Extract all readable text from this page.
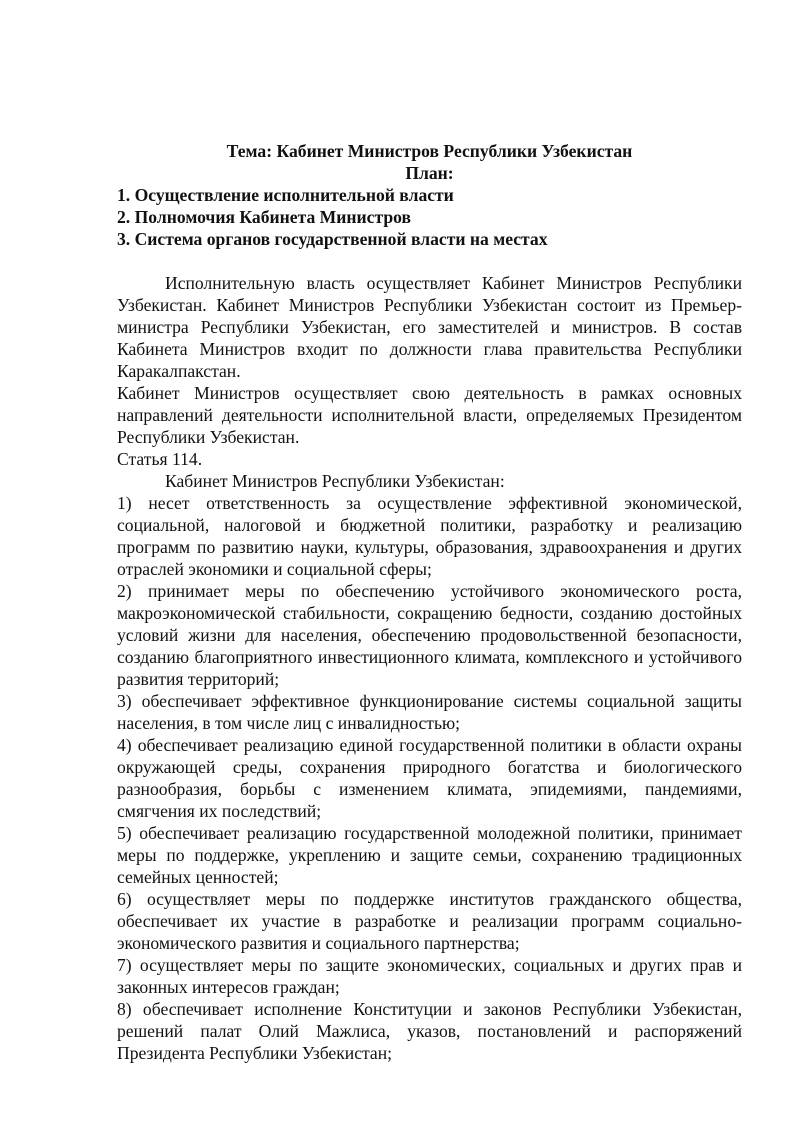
Тема: Кабинет Министров Республики Узбекистан
План:
1. Осуществление исполнительной власти
2. Полномочия Кабинета Министров
3. Система органов государственной власти на местах

Исполнительную власть осуществляет Кабинет Министров Республики Узбекистан. Кабинет Министров Республики Узбекистан состоит из Премьер-министра Республики Узбекистан, его заместителей и министров. В состав Кабинета Министров входит по должности глава правительства Республики Каракалпакстан.

Кабинет Министров осуществляет свою деятельность в рамках основных направлений деятельности исполнительной власти, определяемых Президентом Республики Узбекистан.

Статья 114.

Кабинет Министров Республики Узбекистан:

1) несет ответственность за осуществление эффективной экономической, социальной, налоговой и бюджетной политики, разработку и реализацию программ по развитию науки, культуры, образования, здравоохранения и других отраслей экономики и социальной сферы;

2) принимает меры по обеспечению устойчивого экономического роста, макроэкономической стабильности, сокращению бедности, созданию достойных условий жизни для населения, обеспечению продовольственной безопасности, созданию благоприятного инвестиционного климата, комплексного и устойчивого развития территорий;

3) обеспечивает эффективное функционирование системы социальной защиты населения, в том числе лиц с инвалидностью;

4) обеспечивает реализацию единой государственной политики в области охраны окружающей среды, сохранения природного богатства и биологического разнообразия, борьбы с изменением климата, эпидемиями, пандемиями, смягчения их последствий;

5) обеспечивает реализацию государственной молодежной политики, принимает меры по поддержке, укреплению и защите семьи, сохранению традиционных семейных ценностей;

6) осуществляет меры по поддержке институтов гражданского общества, обеспечивает их участие в разработке и реализации программ социально-экономического развития и социального партнерства;

7) осуществляет меры по защите экономических, социальных и других прав и законных интересов граждан;

8) обеспечивает исполнение Конституции и законов Республики Узбекистан, решений палат Олий Мажлиса, указов, постановлений и распоряжений Президента Республики Узбекистан;
